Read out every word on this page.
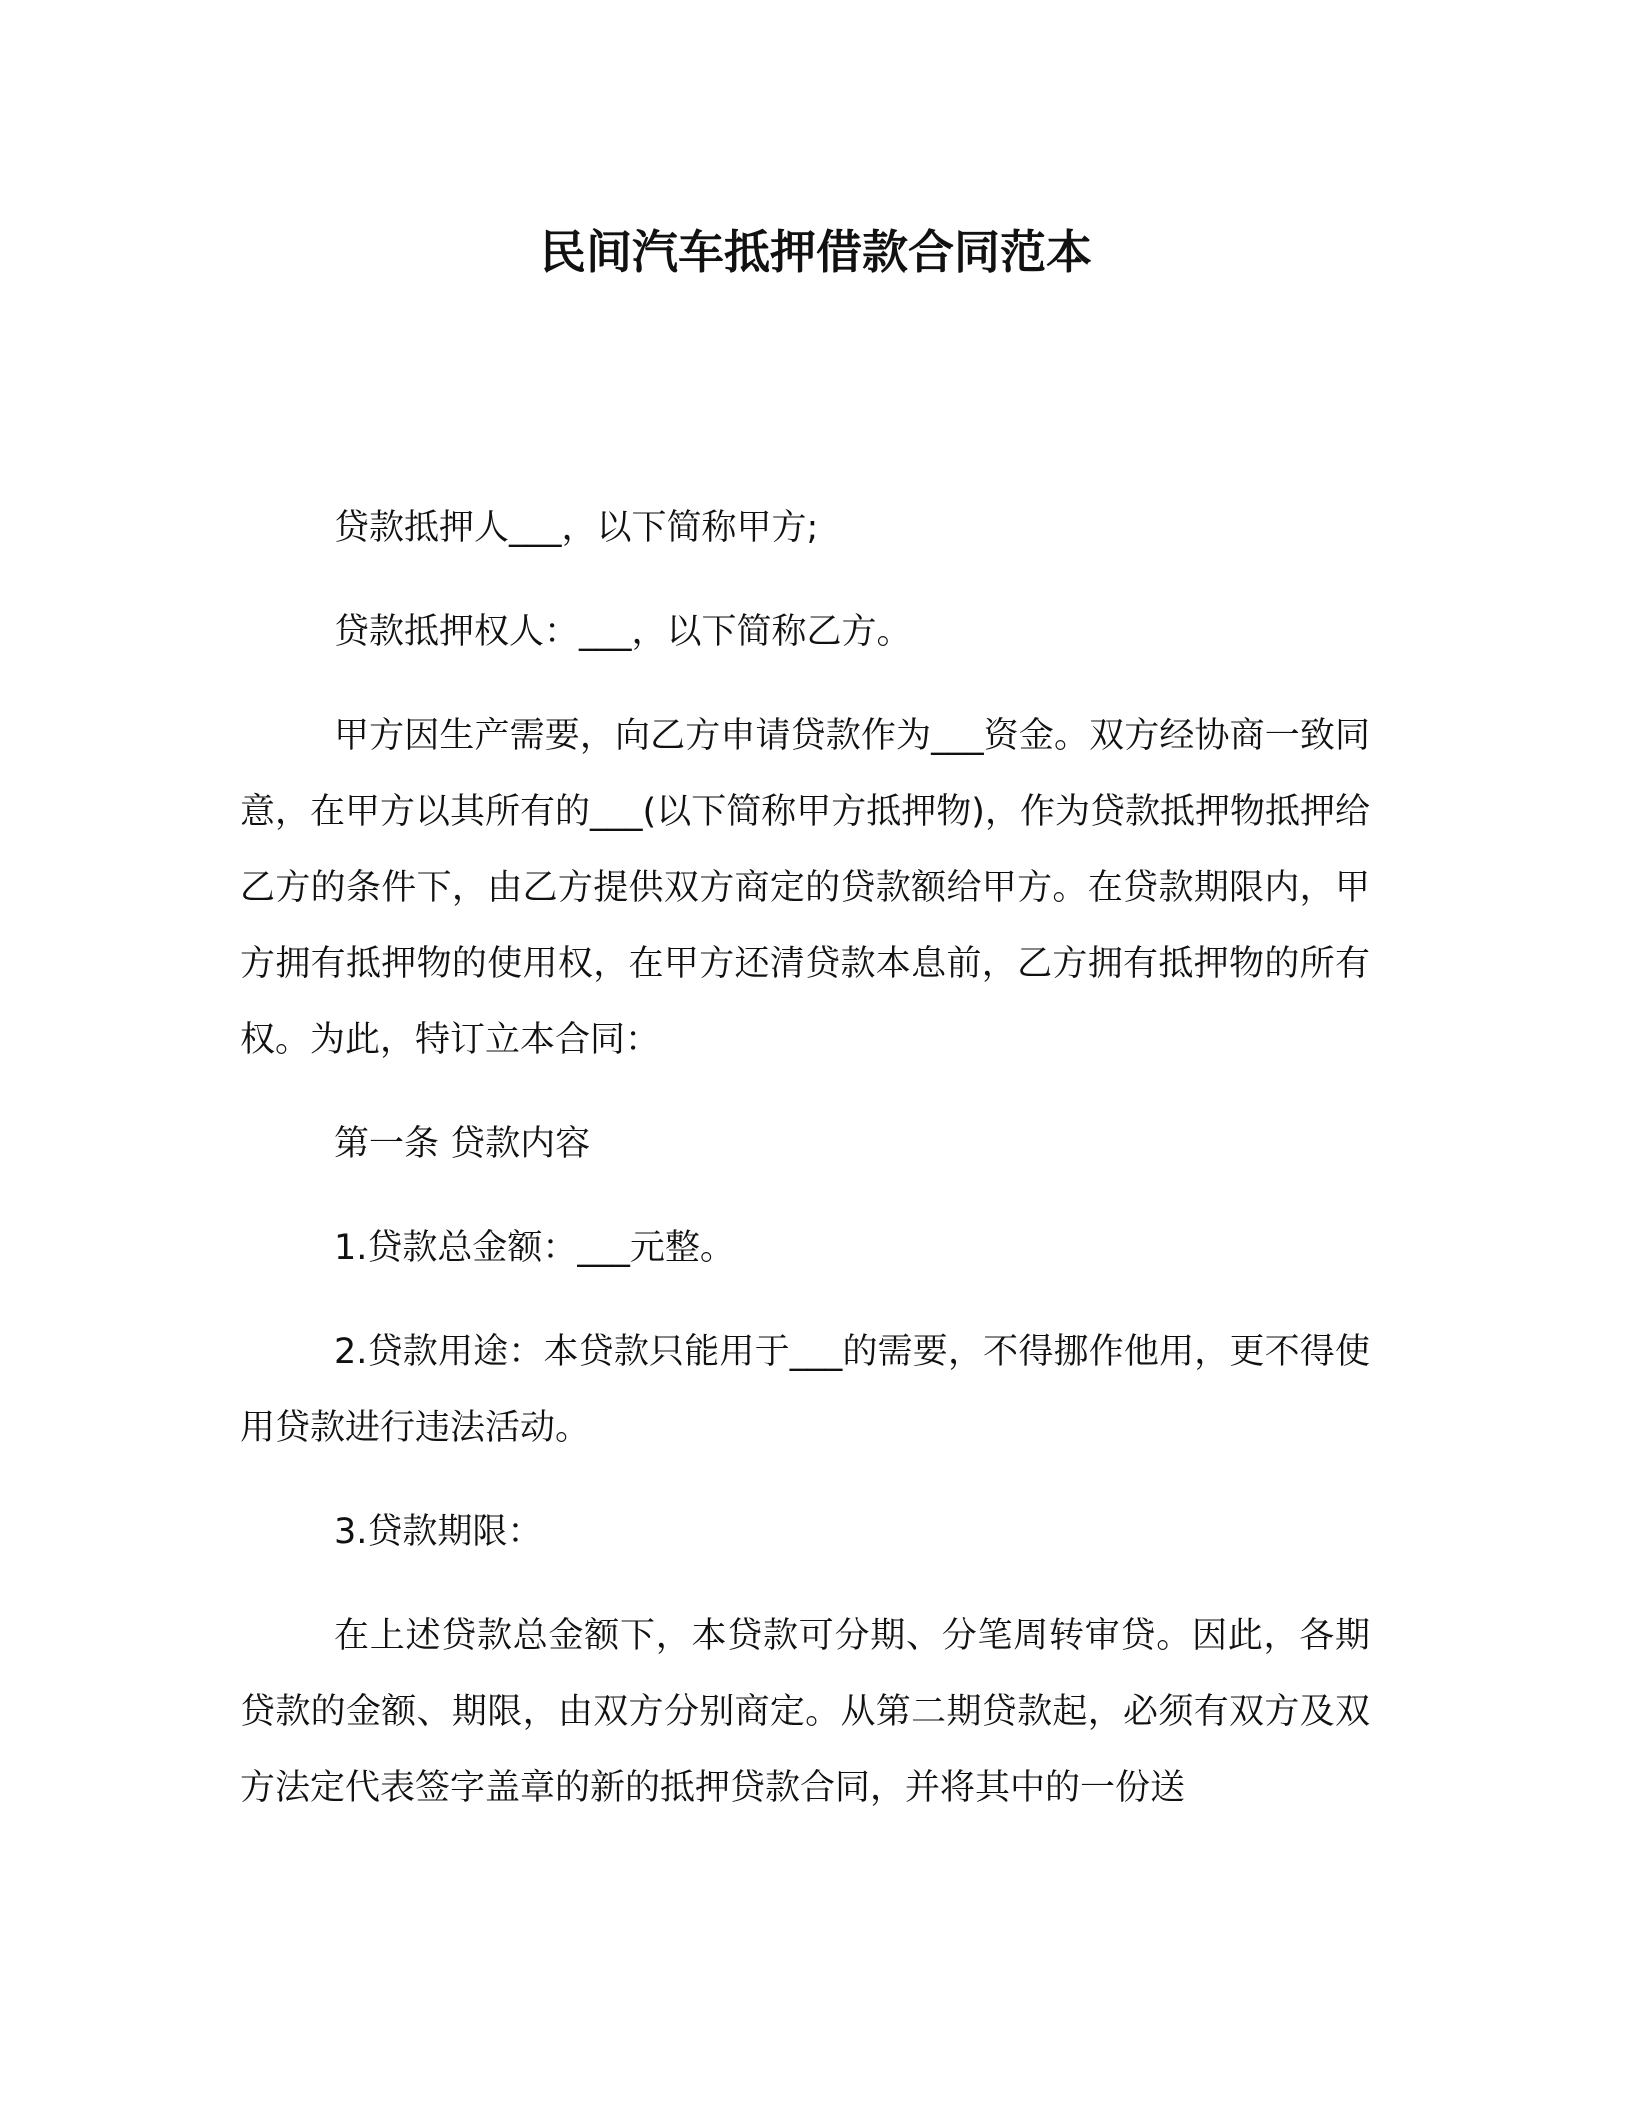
民间汽车抵押借款合同范本

贷款抵押人___，以下简称甲方;

贷款抵押权人：___，以下简称乙方。

甲方因生产需要，向乙方申请贷款作为___资金。双方经协商一致同意，在甲方以其所有的___(以下简称甲方抵押物)，作为贷款抵押物抵押给乙方的条件下，由乙方提供双方商定的贷款额给甲方。在贷款期限内，甲方拥有抵押物的使用权，在甲方还清贷款本息前，乙方拥有抵押物的所有权。为此，特订立本合同：

第一条 贷款内容

1.贷款总金额：___元整。

2.贷款用途：本贷款只能用于___的需要，不得挪作他用，更不得使用贷款进行违法活动。

3.贷款期限：

在上述贷款总金额下，本贷款可分期、分笔周转审贷。因此，各期贷款的金额、期限，由双方分别商定。从第二期贷款起，必须有双方及双方法定代表签字盖章的新的抵押贷款合同，并将其中的一份送
